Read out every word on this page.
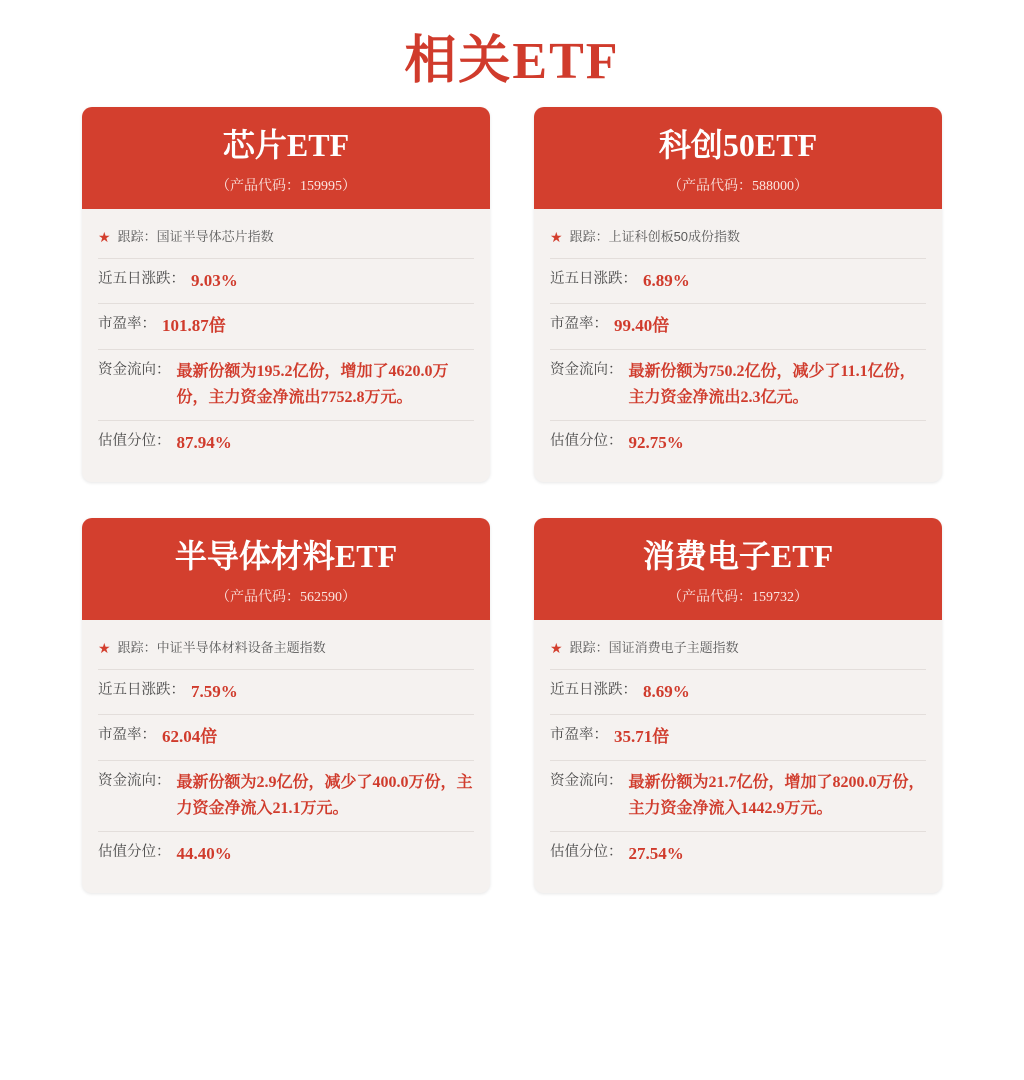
相关ETF
芯片ETF
（产品代码：159995）
★ 跟踪： 国证半导体芯片指数
近五日涨跌： 9.03%
市盈率： 101.87倍
资金流向： 最新份额为195.2亿份，增加了4620.0万份，主力资金净流出7752.8万元。
估值分位： 87.94%
科创50ETF
（产品代码：588000）
★ 跟踪： 上证科创板50成份指数
近五日涨跌： 6.89%
市盈率： 99.40倍
资金流向： 最新份额为750.2亿份，减少了11.1亿份，主力资金净流出2.3亿元。
估值分位： 92.75%
半导体材料ETF
（产品代码：562590）
★ 跟踪： 中证半导体材料设备主题指数
近五日涨跌： 7.59%
市盈率： 62.04倍
资金流向： 最新份额为2.9亿份，减少了400.0万份，主力资金净流入21.1万元。
估值分位： 44.40%
消费电子ETF
（产品代码：159732）
★ 跟踪： 国证消费电子主题指数
近五日涨跌： 8.69%
市盈率： 35.71倍
资金流向： 最新份额为21.7亿份，增加了8200.0万份，主力资金净流入1442.9万元。
估值分位： 27.54%
